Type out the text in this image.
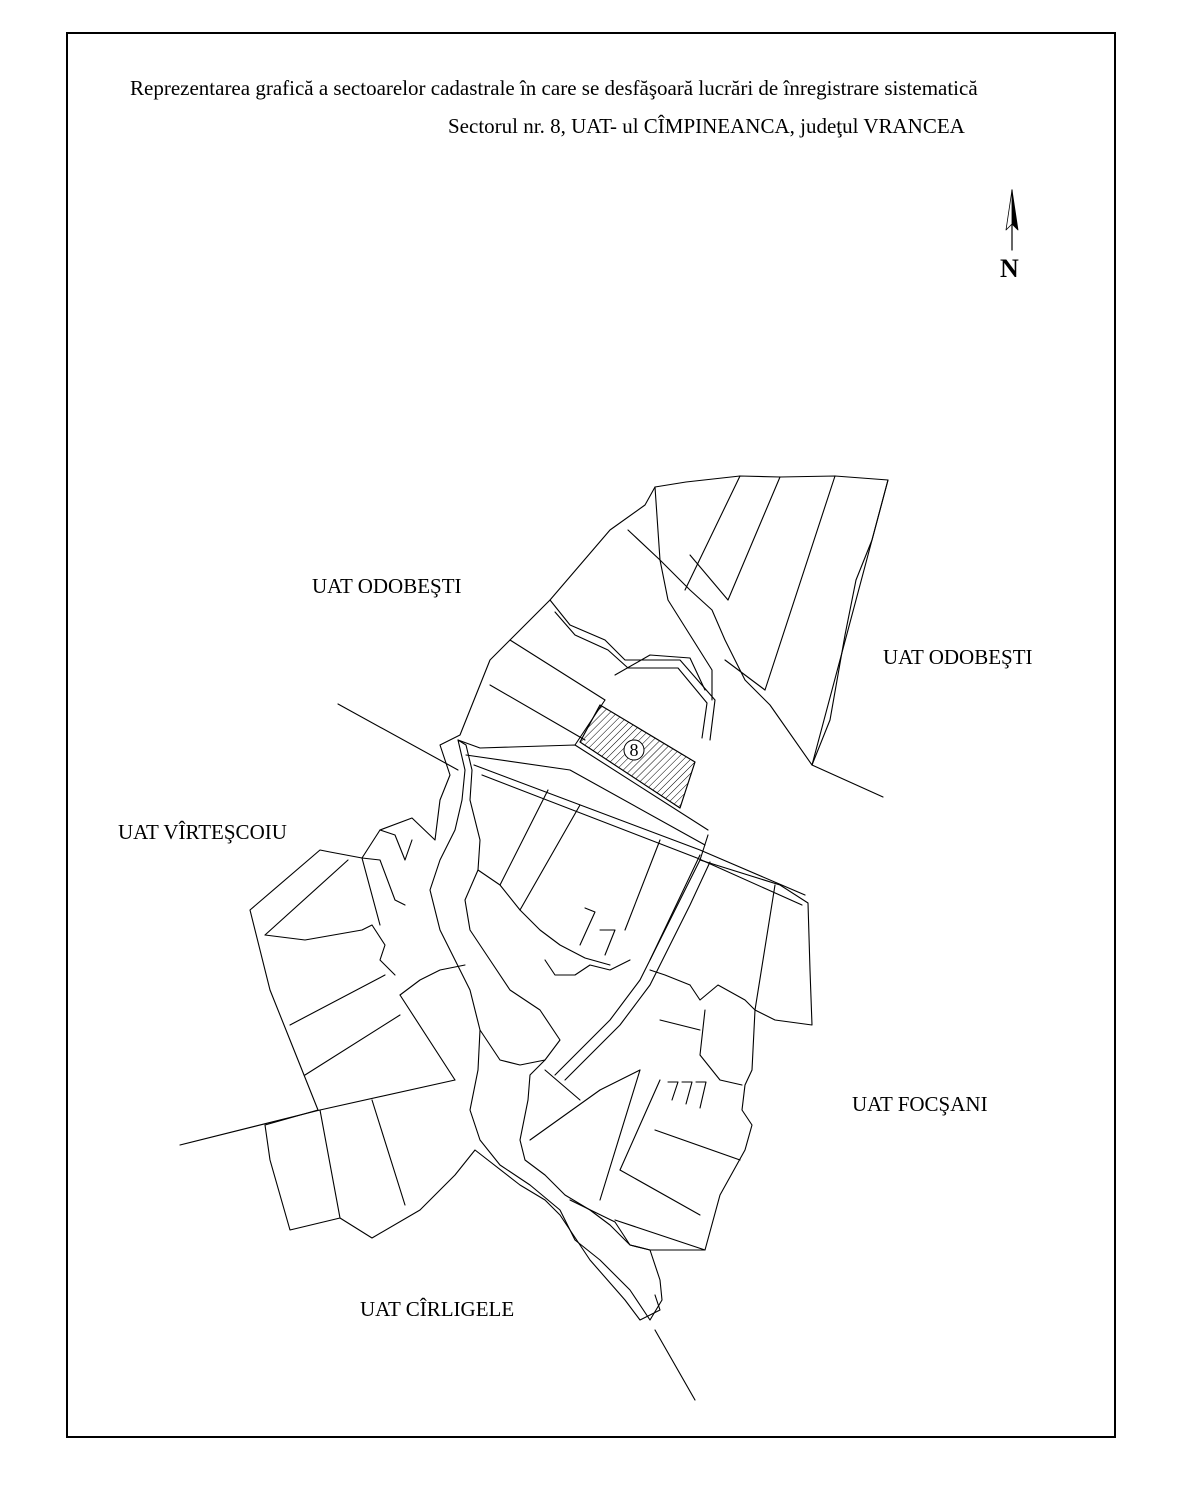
Reprezentarea grafică a sectoarelor cadastrale în care se desfăşoară lucrări de înregistrare sistematică
Sectorul nr. 8, UAT- ul CÎMPINEANCA, judeţul VRANCEA
8
N
UAT ODOBEŞTI
UAT ODOBEŞTI
UAT VÎRTEŞCOIU
UAT FOCŞANI
UAT CÎRLIGELE
